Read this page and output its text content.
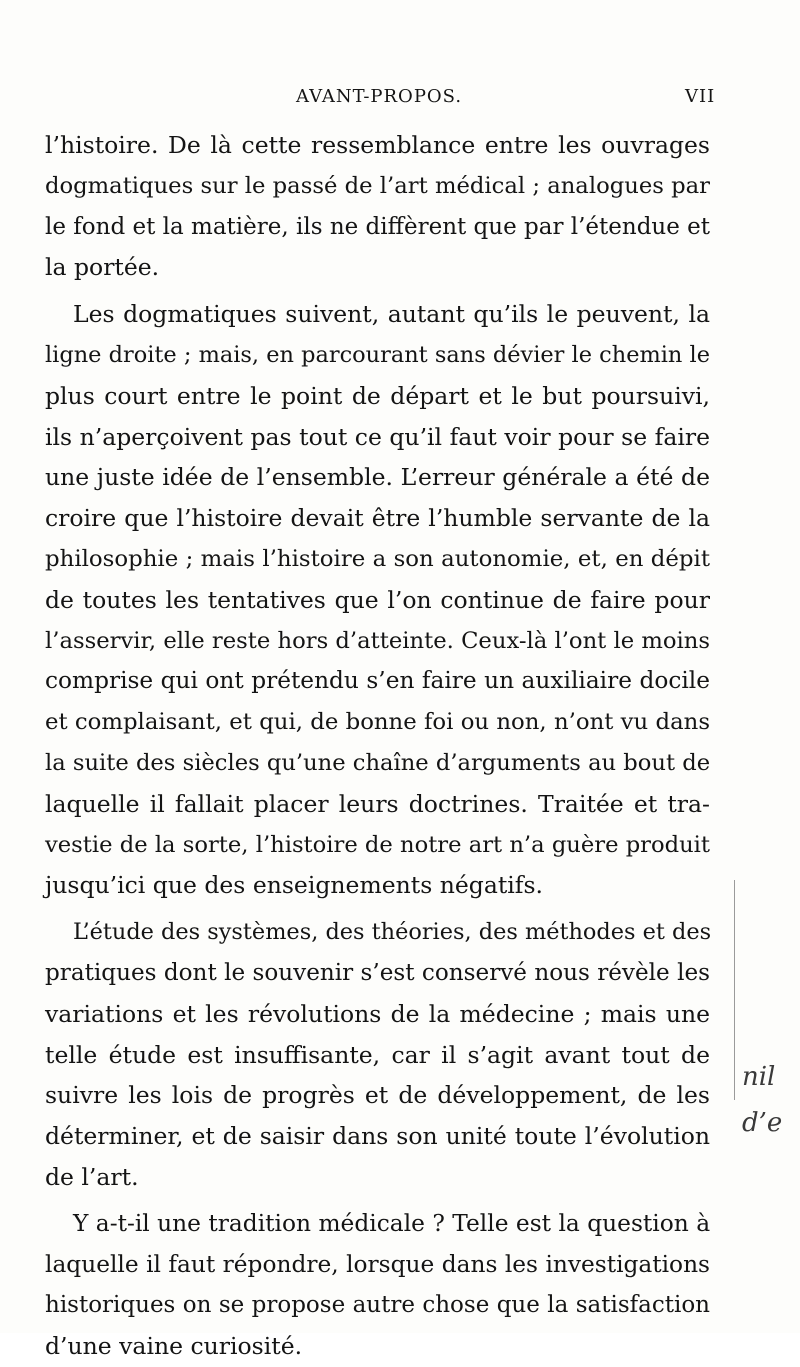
AVANT-PROPOS.	VII
l’histoire. De là cette ressemblance entre les ouvrages
dogmatiques sur le passé de l’art médical ; analogues par
le fond et la matière, ils ne diffèrent que par l’étendue et
la portée.
Les dogmatiques suivent, autant qu’ils le peuvent, la
ligne droite ; mais, en parcourant sans dévier le chemin le
plus court entre le point de départ et le but poursuivi,
ils n’aperçoivent pas tout ce qu’il faut voir pour se faire
une juste idée de l’ensemble. L’erreur générale a été de
croire que l’histoire devait être l’humble servante de la
philosophie ; mais l’histoire a son autonomie, et, en dépit
de toutes les tentatives que l’on continue de faire pour
l’asservir, elle reste hors d’atteinte. Ceux-là l’ont le moins
comprise qui ont prétendu s’en faire un auxiliaire docile
et complaisant, et qui, de bonne foi ou non, n’ont vu dans
la suite des siècles qu’une chaîne d’arguments au bout de
laquelle il fallait placer leurs doctrines. Traitée et tra-
vestie de la sorte, l’histoire de notre art n’a guère produit
jusqu’ici que des enseignements négatifs.
L’étude des systèmes, des théories, des méthodes et des
pratiques dont le souvenir s’est conservé nous révèle les
variations et les révolutions de la médecine ; mais une
telle étude est insuffisante, car il s’agit avant tout de
suivre les lois de progrès et de développement, de les
déterminer, et de saisir dans son unité toute l’évolution
de l’art.
Y a-t-il une tradition médicale ? Telle est la question à
laquelle il faut répondre, lorsque dans les investigations
historiques on se propose autre chose que la satisfaction
d’une vaine curiosité.
nil
d’e
